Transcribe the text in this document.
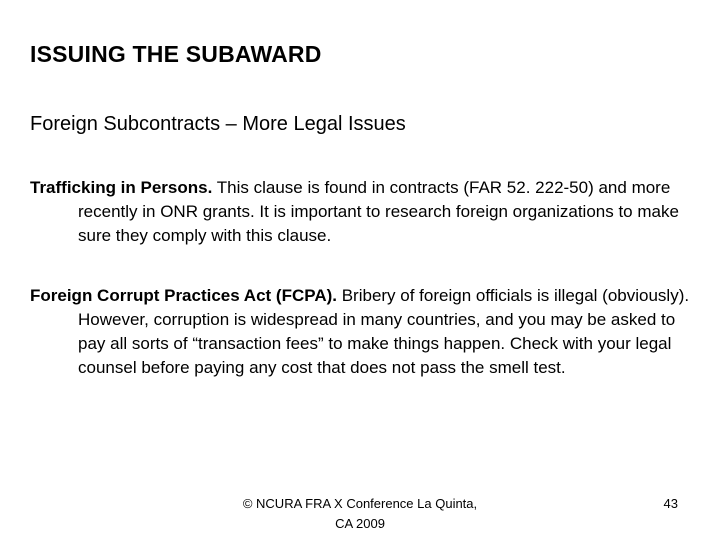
ISSUING THE SUBAWARD
Foreign Subcontracts – More Legal Issues
Trafficking in Persons. This clause is found in contracts (FAR 52. 222-50) and more recently in ONR grants. It is important to research foreign organizations to make sure they comply with this clause.
Foreign Corrupt Practices Act (FCPA). Bribery of foreign officials is illegal (obviously). However, corruption is widespread in many countries, and you may be asked to pay all sorts of “transaction fees” to make things happen. Check with your legal counsel before paying any cost that does not pass the smell test.
© NCURA FRA X Conference La Quinta, CA 2009
43
